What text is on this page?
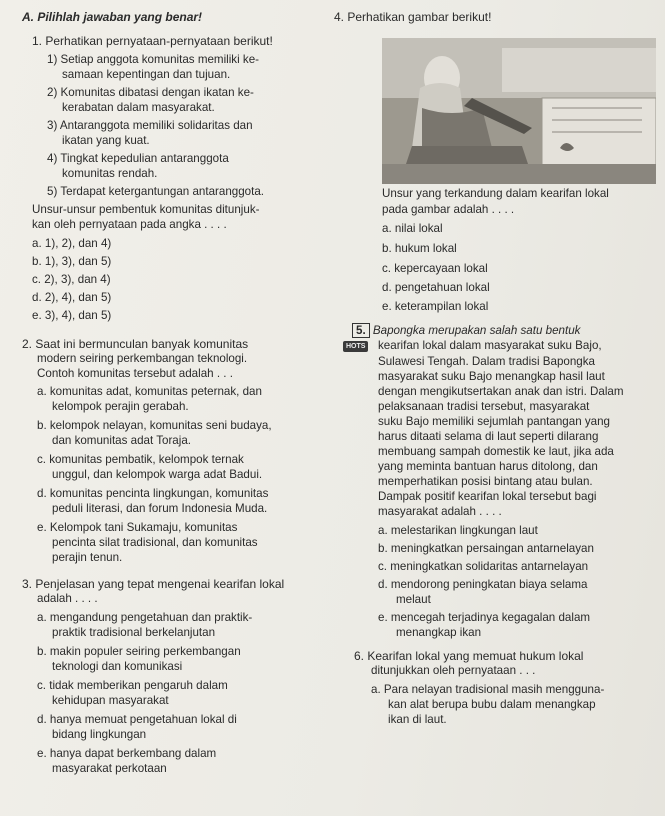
A. Pilihlah jawaban yang benar!
1. Perhatikan pernyataan-pernyataan berikut!
1) Setiap anggota komunitas memiliki ke-
samaan kepentingan dan tujuan.
2) Komunitas dibatasi dengan ikatan ke-
kerabatan dalam masyarakat.
3) Antaranggota memiliki solidaritas dan
ikatan yang kuat.
4) Tingkat kepedulian antaranggota
komunitas rendah.
5) Terdapat ketergantungan antaranggota.
Unsur-unsur pembentuk komunitas ditunjuk-
kan oleh pernyataan pada angka . . . .
a. 1), 2), dan 4)
b. 1), 3), dan 5)
c. 2), 3), dan 4)
d. 2), 4), dan 5)
e. 3), 4), dan 5)
2. Saat ini bermunculan banyak komunitas
modern seiring perkembangan teknologi.
Contoh komunitas tersebut adalah . . .
a. komunitas adat, komunitas peternak, dan
kelompok perajin gerabah.
b. kelompok nelayan, komunitas seni budaya,
dan komunitas adat Toraja.
c. komunitas pembatik, kelompok ternak
unggul, dan kelompok warga adat Badui.
d. komunitas pencinta lingkungan, komunitas
peduli literasi, dan forum Indonesia Muda.
e. Kelompok tani Sukamaju, komunitas
pencinta silat tradisional, dan komunitas
perajin tenun.
3. Penjelasan yang tepat mengenai kearifan lokal
adalah . . . .
a. mengandung pengetahuan dan praktik-
praktik tradisional berkelanjutan
b. makin populer seiring perkembangan
teknologi dan komunikasi
c. tidak memberikan pengaruh dalam
kehidupan masyarakat
d. hanya memuat pengetahuan lokal di
bidang lingkungan
e. hanya dapat berkembang dalam
masyarakat perkotaan
4. Perhatikan gambar berikut!
Unsur yang terkandung dalam kearifan lokal
pada gambar adalah . . . .
a. nilai lokal
b. hukum lokal
c. kepercayaan lokal
d. pengetahuan lokal
e. keterampilan lokal
5. Bapongka merupakan salah satu bentuk
HOTS kearifan lokal dalam masyarakat suku Bajo,
Sulawesi Tengah. Dalam tradisi Bapongka
masyarakat suku Bajo menangkap hasil laut
dengan mengikutsertakan anak dan istri. Dalam
pelaksanaan tradisi tersebut, masyarakat
suku Bajo memiliki sejumlah pantangan yang
harus ditaati selama di laut seperti dilarang
membuang sampah domestik ke laut, jika ada
yang meminta bantuan harus ditolong, dan
memperhatikan posisi bintang atau bulan.
Dampak positif kearifan lokal tersebut bagi
masyarakat adalah . . . .
a. melestarikan lingkungan laut
b. meningkatkan persaingan antarnelayan
c. meningkatkan solidaritas antarnelayan
d. mendorong peningkatan biaya selama
melaut
e. mencegah terjadinya kegagalan dalam
menangkap ikan
6. Kearifan lokal yang memuat hukum lokal
ditunjukkan oleh pernyataan . . .
a. Para nelayan tradisional masih mengguna-
kan alat berupa bubu dalam menangkap
ikan di laut.
